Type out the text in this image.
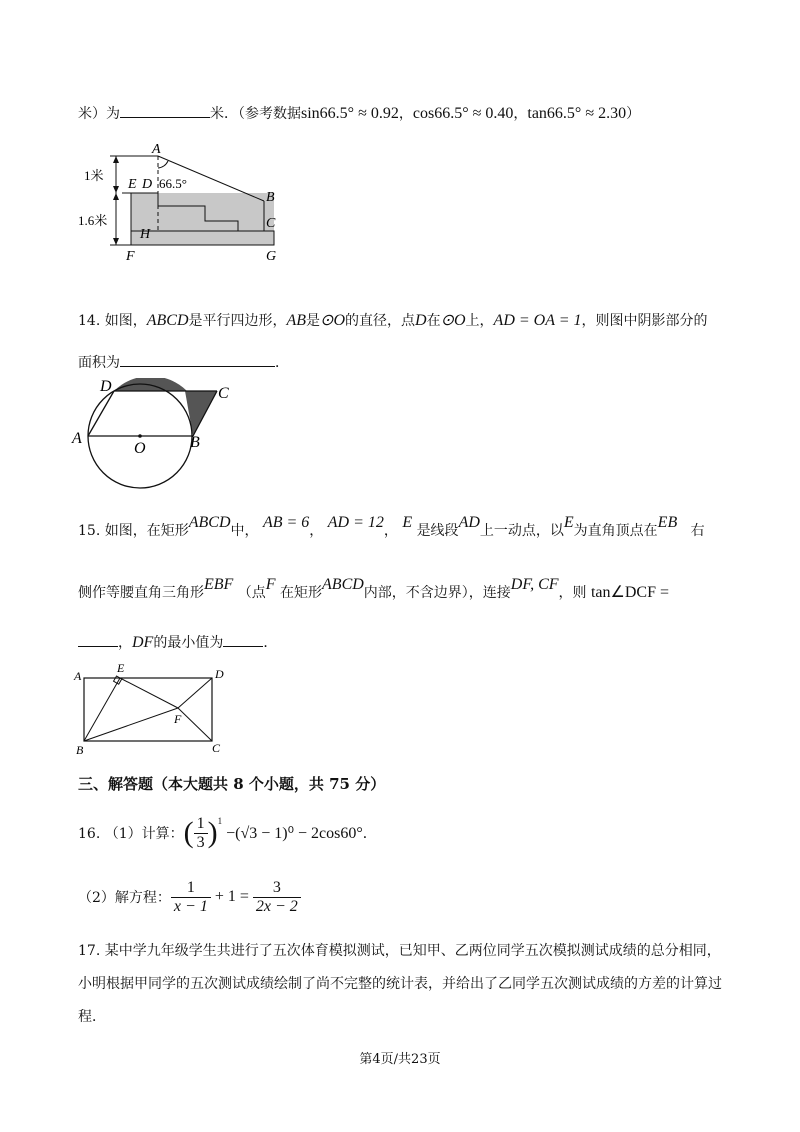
米）为	米．（参考数据sin66.5° ≈ 0.92，cos66.5° ≈ 0.40，tan66.5° ≈ 2.30）
A
B
C
D
E
F	G
H
66.5°
1米
1.6米
14. 如图，ABCD是平行四边形，AB是⊙O的直径，点D在⊙O上，AD = OA = 1，则图中阴影部分的
面积为	．
A	B
C
D
O
15. 如图，在矩形ABCD中， AB = 6， AD = 12， E 是线段AD上一动点，以E为直角顶点在EB 右
侧作等腰直角三角形EBF （点F 在矩形ABCD内部，不含边界），连接DF, CF，则 tan∠DCF =
，DF的最小值为	．
A
B	C
D
E
F
三、解答题（本大题共 8 个小题，共 75 分）
16. （1）计算： ( $\frac{1}{3} )^1$
−(√3 − 1)⁰ − 2cos60° ．
（2）解方程： $\frac{1}{x - 1} + 1 = \frac{3}{2x - 2}$
17. 某中学九年级学生共进行了五次体育模拟测试，已知甲、乙两位同学五次模拟测试成绩的总分相同，
小明根据甲同学的五次测试成绩绘制了尚不完整的统计表，并给出了乙同学五次测试成绩的方差的计算过
程．
第4页/共23页
